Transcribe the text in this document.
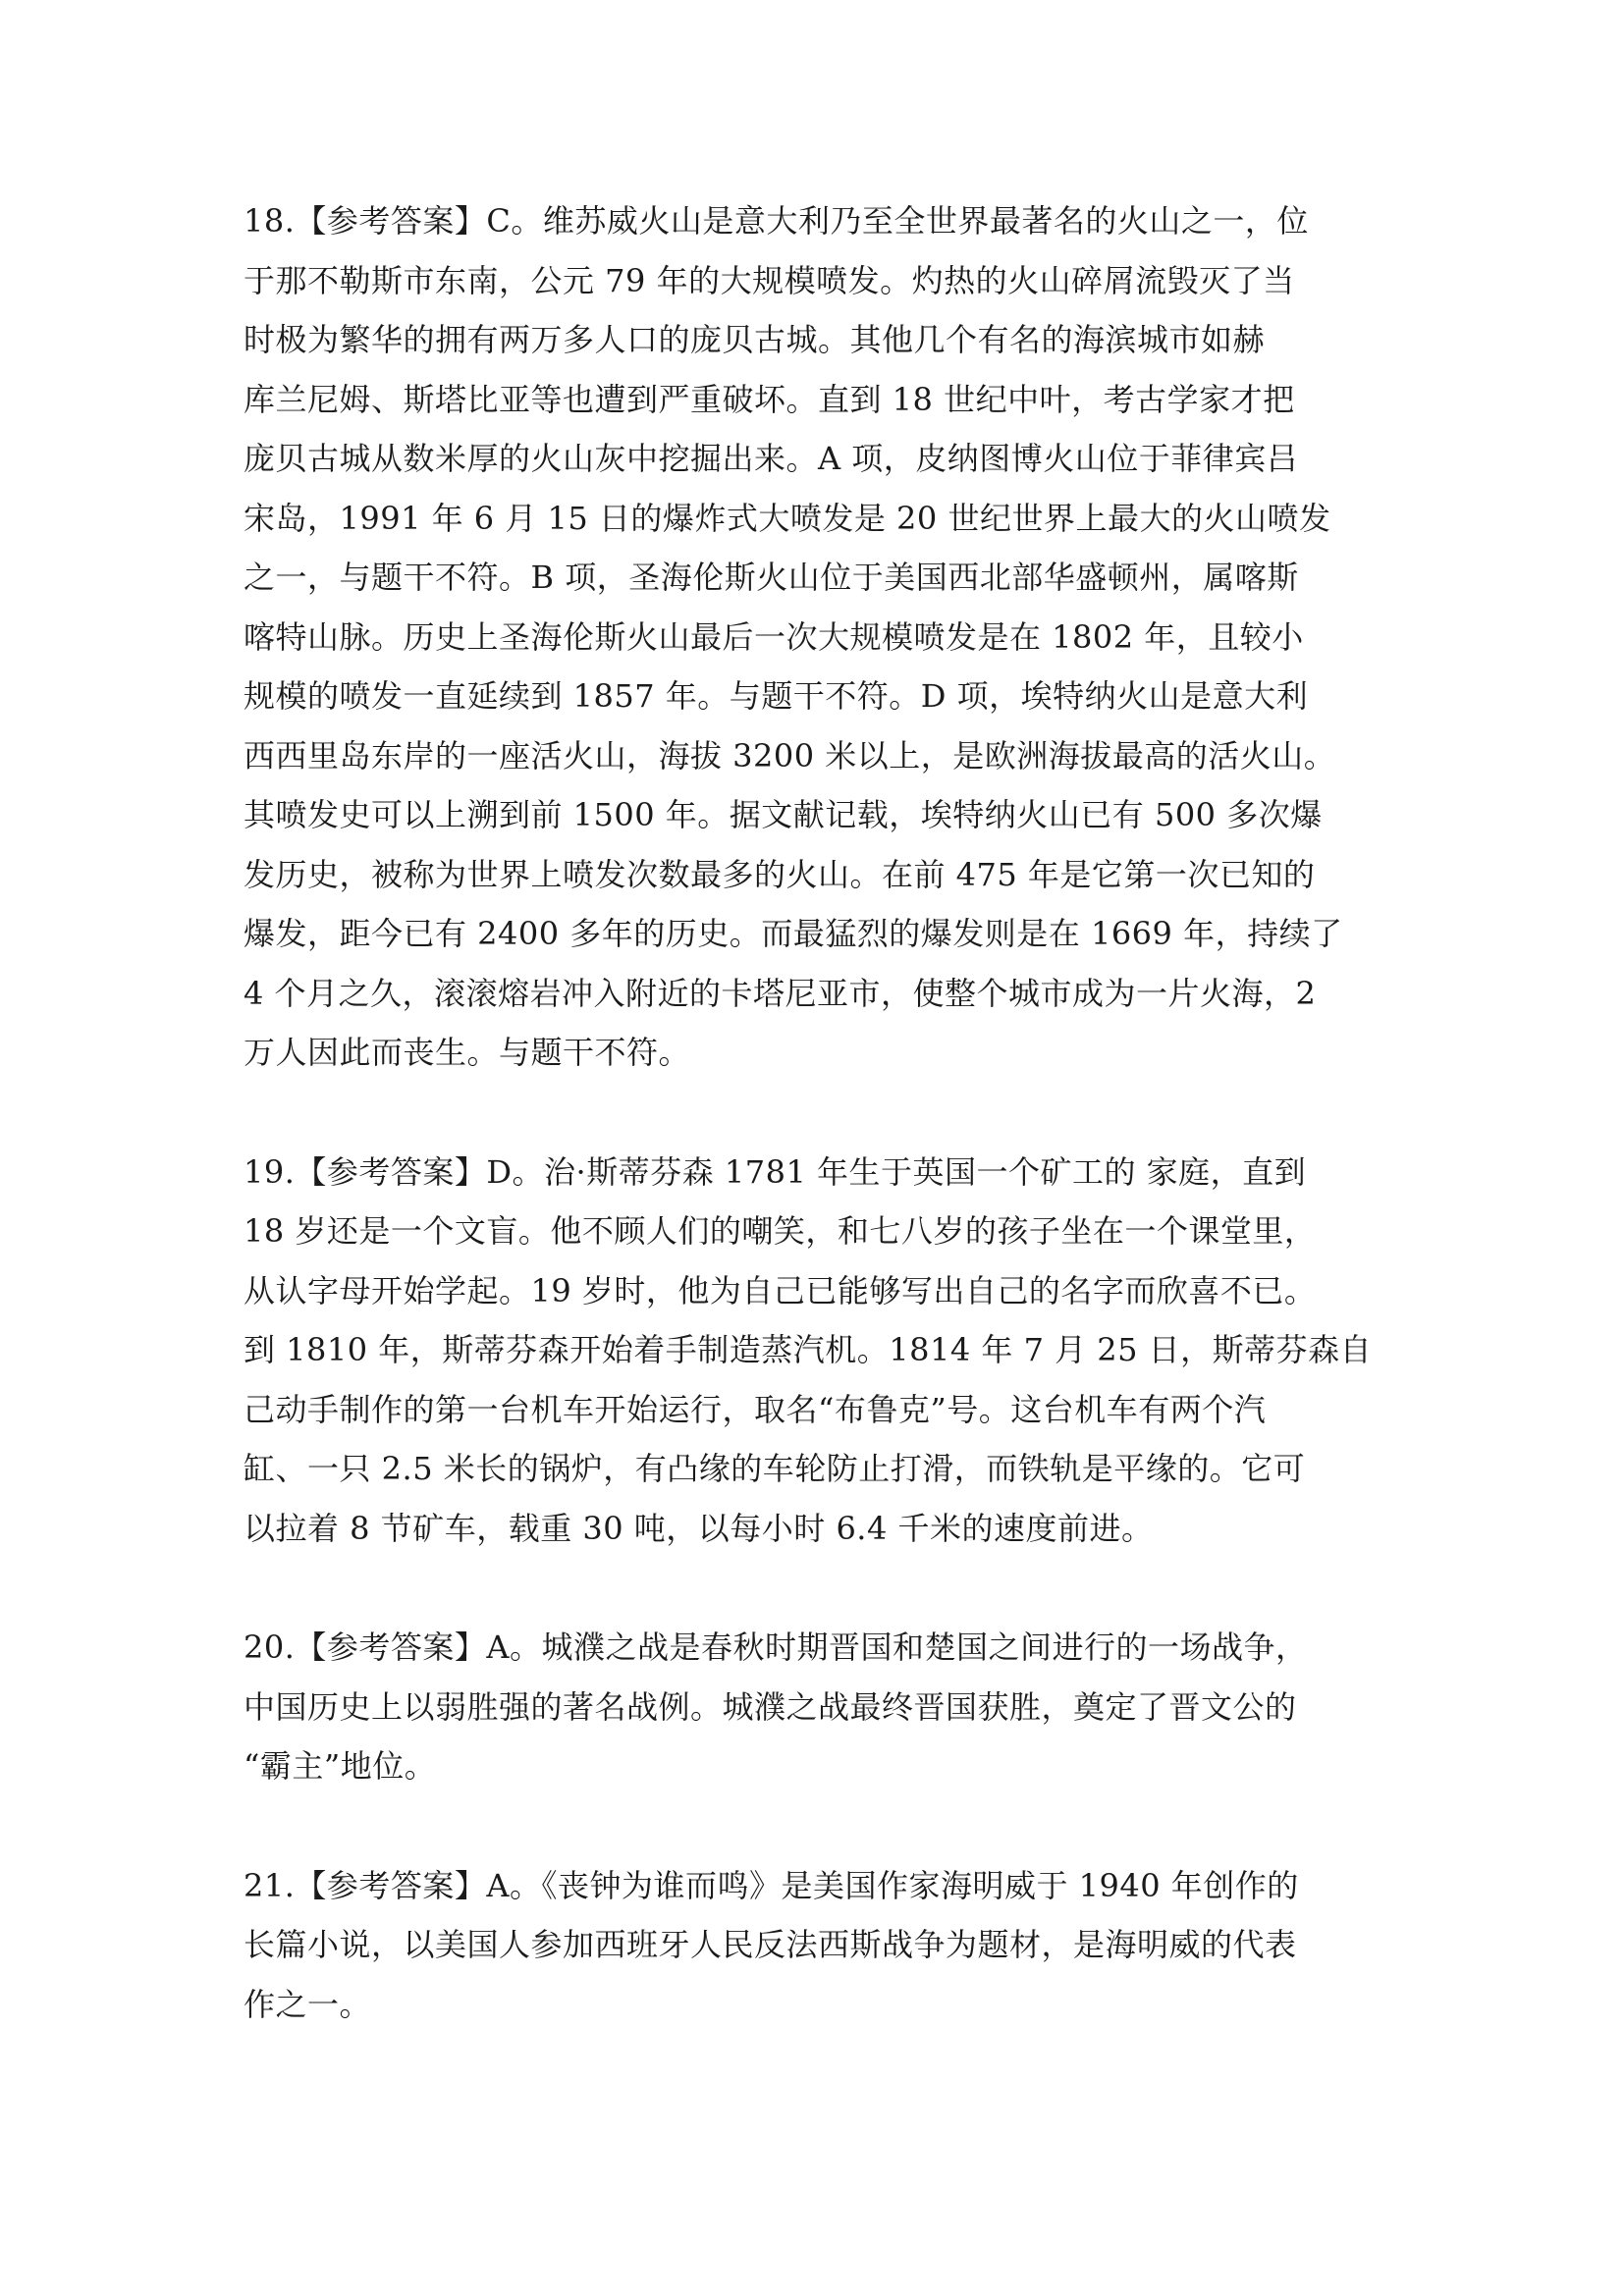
18.【参考答案】C。维苏威火山是意大利乃至全世界最著名的火山之一，位
于那不勒斯市东南，公元 79 年的大规模喷发。灼热的火山碎屑流毁灭了当
时极为繁华的拥有两万多人口的庞贝古城。其他几个有名的海滨城市如赫
库兰尼姆、斯塔比亚等也遭到严重破坏。直到 18 世纪中叶，考古学家才把
庞贝古城从数米厚的火山灰中挖掘出来。A 项，皮纳图博火山位于菲律宾吕
宋岛，1991 年 6 月 15 日的爆炸式大喷发是 20 世纪世界上最大的火山喷发
之一，与题干不符。B 项，圣海伦斯火山位于美国西北部华盛顿州，属喀斯
喀特山脉。历史上圣海伦斯火山最后一次大规模喷发是在 1802 年，且较小
规模的喷发一直延续到 1857 年。与题干不符。D 项，埃特纳火山是意大利
西西里岛东岸的一座活火山，海拔 3200 米以上，是欧洲海拔最高的活火山。
其喷发史可以上溯到前 1500 年。据文献记载，埃特纳火山已有 500 多次爆
发历史，被称为世界上喷发次数最多的火山。在前 475 年是它第一次已知的
爆发，距今已有 2400 多年的历史。而最猛烈的爆发则是在 1669 年，持续了
4 个月之久，滚滚熔岩冲入附近的卡塔尼亚市，使整个城市成为一片火海，2
万人因此而丧生。与题干不符。

19.【参考答案】D。治·斯蒂芬森 1781 年生于英国一个矿工的 家庭，直到
18 岁还是一个文盲。他不顾人们的嘲笑，和七八岁的孩子坐在一个课堂里，
从认字母开始学起。19 岁时，他为自己已能够写出自己的名字而欣喜不已。
到 1810 年，斯蒂芬森开始着手制造蒸汽机。1814 年 7 月 25 日，斯蒂芬森自
己动手制作的第一台机车开始运行，取名“布鲁克”号。这台机车有两个汽
缸、一只 2.5 米长的锅炉，有凸缘的车轮防止打滑，而铁轨是平缘的。它可
以拉着 8 节矿车，载重 30 吨，以每小时 6.4 千米的速度前进。

20.【参考答案】A。城濮之战是春秋时期晋国和楚国之间进行的一场战争，
中国历史上以弱胜强的著名战例。城濮之战最终晋国获胜，奠定了晋文公的
“霸主”地位。

21.【参考答案】A。《丧钟为谁而鸣》是美国作家海明威于 1940 年创作的
长篇小说，以美国人参加西班牙人民反法西斯战争为题材，是海明威的代表
作之一。
